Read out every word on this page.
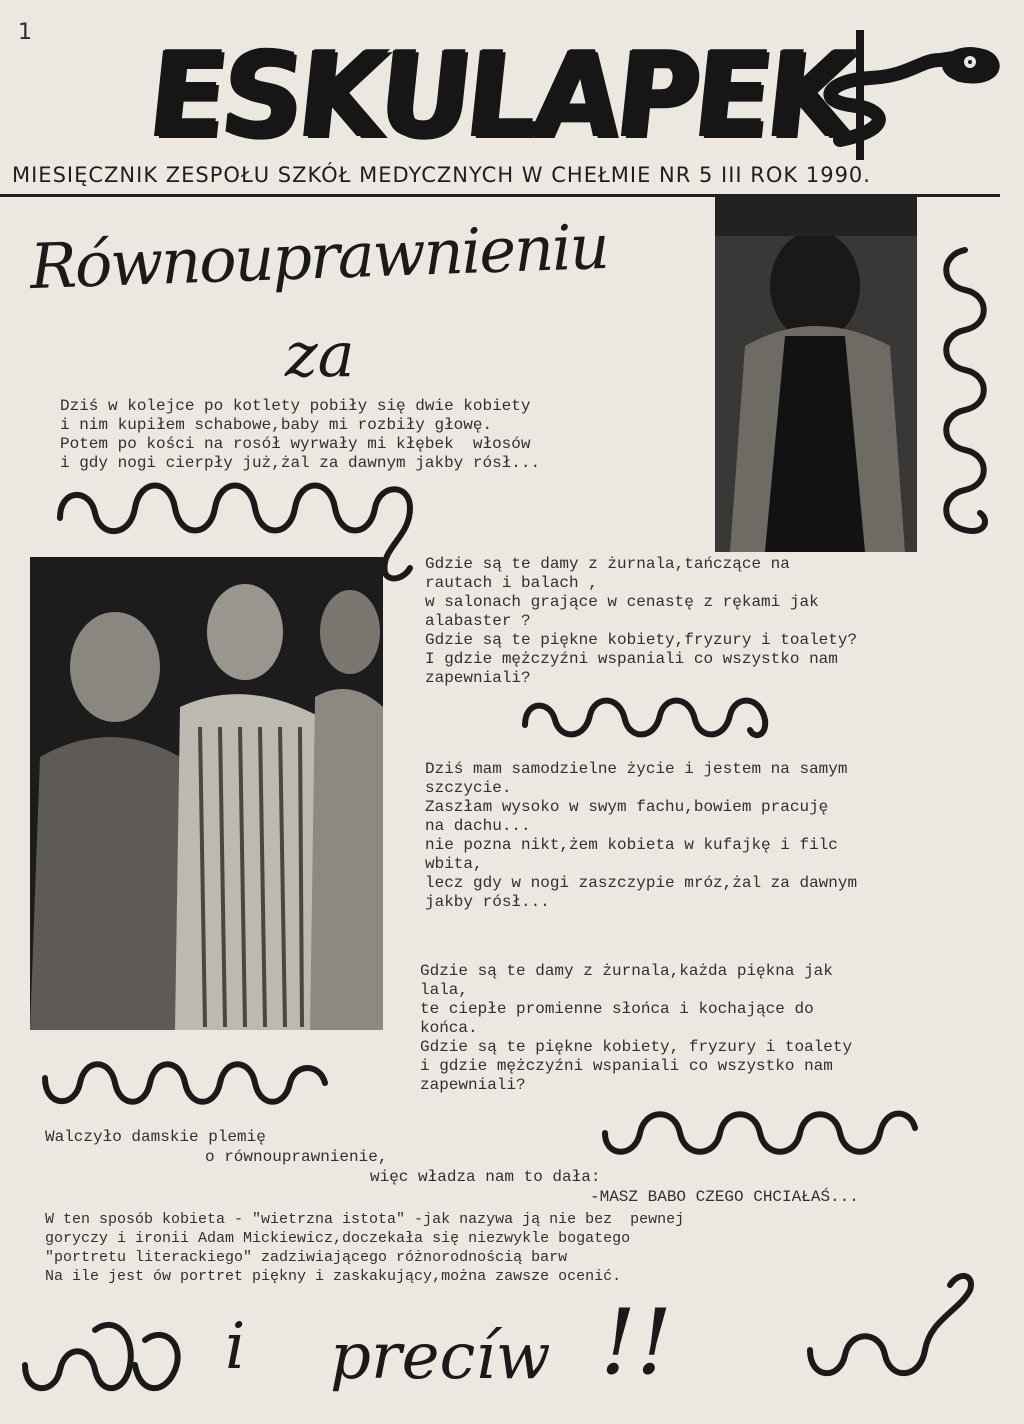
1 ESKULAPEK
MIESIĘCZNIK ZESPOŁU SZKÓŁ MEDYCZNYCH W CHEŁMIE NR 5 III ROK 1990.
Równouprawnieniu
za
Dziś w kolejce po kotlety pobiły się dwie kobiety
i nim kupiłem schabowe,baby mi rozbiły głowę.
Potem po kości na rosół wyrwały mi kłębek  włosów
i gdy nogi cierpły już,żal za dawnym jakby rósł...
Gdzie są te damy z żurnala,tańczące na
rautach i balach ,
w salonach grające w cenastę z rękami jak
alabaster ?
Gdzie są te piękne kobiety,fryzury i toalety?
I gdzie mężczyźni wspaniali co wszystko nam
zapewniali?
Dziś mam samodzielne życie i jestem na samym
szczycie.
Zaszłam wysoko w swym fachu,bowiem pracuję
na dachu...
nie pozna nikt,żem kobieta w kufajkę i filc
wbita,
lecz gdy w nogi zaszczypie mróz,żal za dawnym
jakby rósł...
Gdzie są te damy z żurnala,każda piękna jak
lala,
te ciepłe promienne słońca i kochające do
końca.
Gdzie są te piękne kobiety, fryzury i toalety
i gdzie mężczyźni wspaniali co wszystko nam
zapewniali?
Walczyło damskie plemię
o równouprawnienie,
więc władza nam to dała:
-MASZ BABO CZEGO CHCIAŁAŚ...
W ten sposób kobieta - "wietrzna istota" -jak nazywa ją nie bez  pewnej
goryczy i ironii Adam Mickiewicz,doczekała się niezwykle bogatego
"portretu literackiego" zadziwiającego różnorodnością barw
Na ile jest ów portret piękny i zaskakujący,można zawsze ocenić.
i precíw !!
